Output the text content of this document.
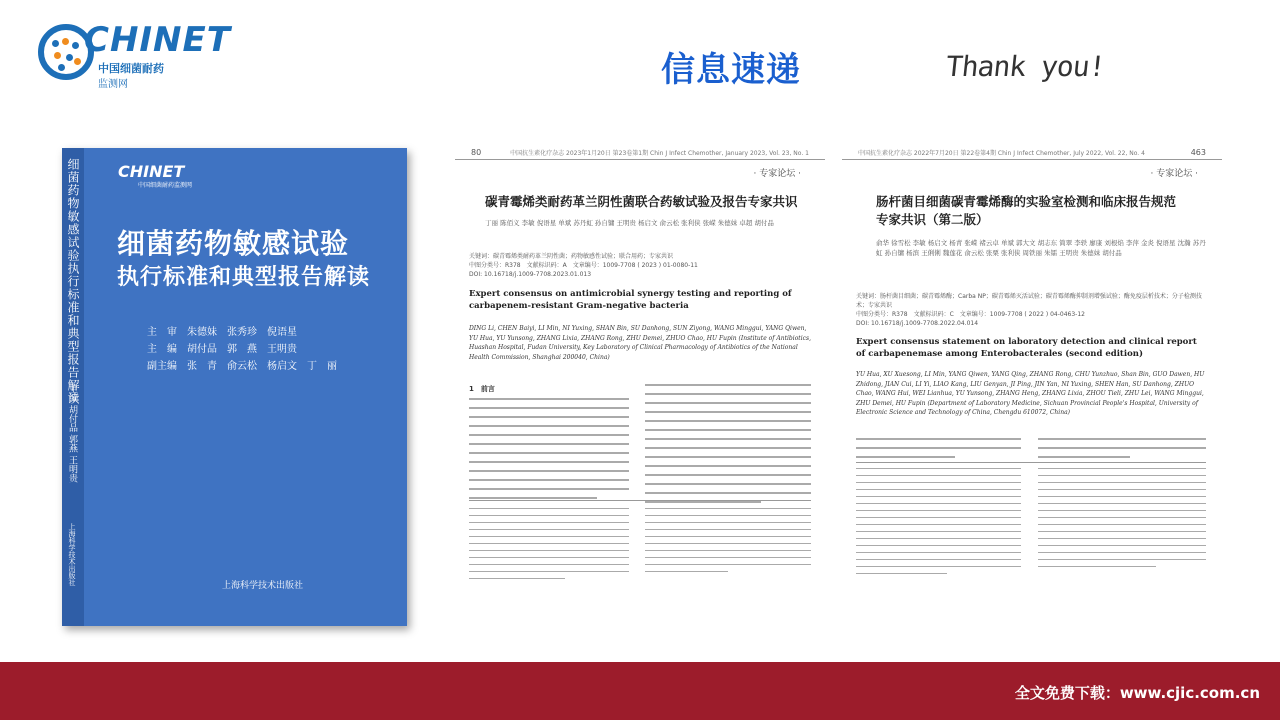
CHINET
中国细菌耐药
监测网	信息速递	Thank you!
细菌药物敏感试验执行标准和典型报告解读
主编 胡付品 郭燕 王明贵
上海科学技术出版社
CHINET
中国细菌耐药监测网
细菌药物敏感试验
执行标准和典型报告解读
主　审　朱德妹　张秀珍　倪语星
主　编　胡付品　郭　燕　王明贵
副主编　张　青　俞云松　杨启文　丁　丽
上海科学技术出版社
80	中国抗生素化疗杂志 2023年1月20日 第23卷第1期 Chin J Infect Chemother, January 2023, Vol. 23, No. 1
· 专家论坛 ·
碳青霉烯类耐药革兰阴性菌联合药敏试验及报告专家共识
丁丽 陈佰义 李敏 倪语星 单斌 苏丹虹 孙自镛 王明贵 杨启文 俞云松 张利侠 张嵘 朱德妹 卓超 胡付品
关键词：碳青霉烯类耐药革兰阴性菌；药物敏感性试验；联合用药；专家共识
中图分类号：R378　文献标识码：A　文章编号：1009-7708 ( 2023 ) 01-0080-11
DOI: 10.16718/j.1009-7708.2023.01.013
Expert consensus on antimicrobial synergy testing and reporting of carbapenem-resistant Gram-negative bacteria
DING Li, CHEN Baiyi, LI Min, NI Yuxing, SHAN Bin, SU Danhong, SUN Ziyong, WANG Minggui, YANG Qiwen, YU Hua, YU Yunsong, ZHANG Lixia, ZHANG Rong, ZHU Demei, ZHUO Chao, HU Fupin (Institute of Antibiotics, Huashan Hospital, Fudan University, Key Laboratory of Clinical Pharmacology of Antibiotics of the National Health Commission, Shanghai 200040, China)
1　前言
中国抗生素化疗杂志 2022年7月20日 第22卷第4期 Chin J Infect Chemother, July 2022, Vol. 22, No. 4	463
· 专家论坛 ·
肠杆菌目细菌碳青霉烯酶的实验室检测和临床报告规范
专家共识（第二版）
俞华 徐雪松 李敏 杨启文 杨青 张嵘 褚云卓 单斌 郭大文 胡志东 简翠 李轶 廖康 刘根焰 李萍 金炎 倪语星 沈瀚 苏丹虹 孙自镛 杨滨 王俐俐 魏莲花 俞云松 张栗 张利侠 周铁丽 朱镭 王明贵 朱德妹 胡付品
关键词：肠杆菌目细菌；碳青霉烯酶；Carba NP；碳青霉烯灭活试验；碳青霉烯酶抑制剂增强试验；酶免疫层析技术；分子检测技术；专家共识
中图分类号：R378　文献标识码：C　文章编号：1009-7708 ( 2022 ) 04-0463-12
DOI: 10.16718/j.1009-7708.2022.04.014
Expert consensus statement on laboratory detection and clinical report of carbapenemase among Enterobacterales (second edition)
YU Hua, XU Xuesong, LI Min, YANG Qiwen, YANG Qing, ZHANG Rong, CHU Yunzhuo, Shan Bin, GUO Dawen, HU Zhidong, JIAN Cui, LI Yi, LIAO Kang, LIU Genyan, JI Ping, JIN Yan, NI Yuxing, SHEN Han, SU Danhong, ZHUO Chao, WANG Hui, WEI Lianhua, YU Yunsong, ZHANG Heng, ZHANG Lixia, ZHOU Tieli, ZHU Lei, WANG Minggui, ZHU Demei, HU Fupin (Department of Laboratory Medicine, Sichuan Provincial People's Hospital, University of Electronic Science and Technology of China, Chengdu 610072, China)
全文免费下载：www.cjic.com.cn
